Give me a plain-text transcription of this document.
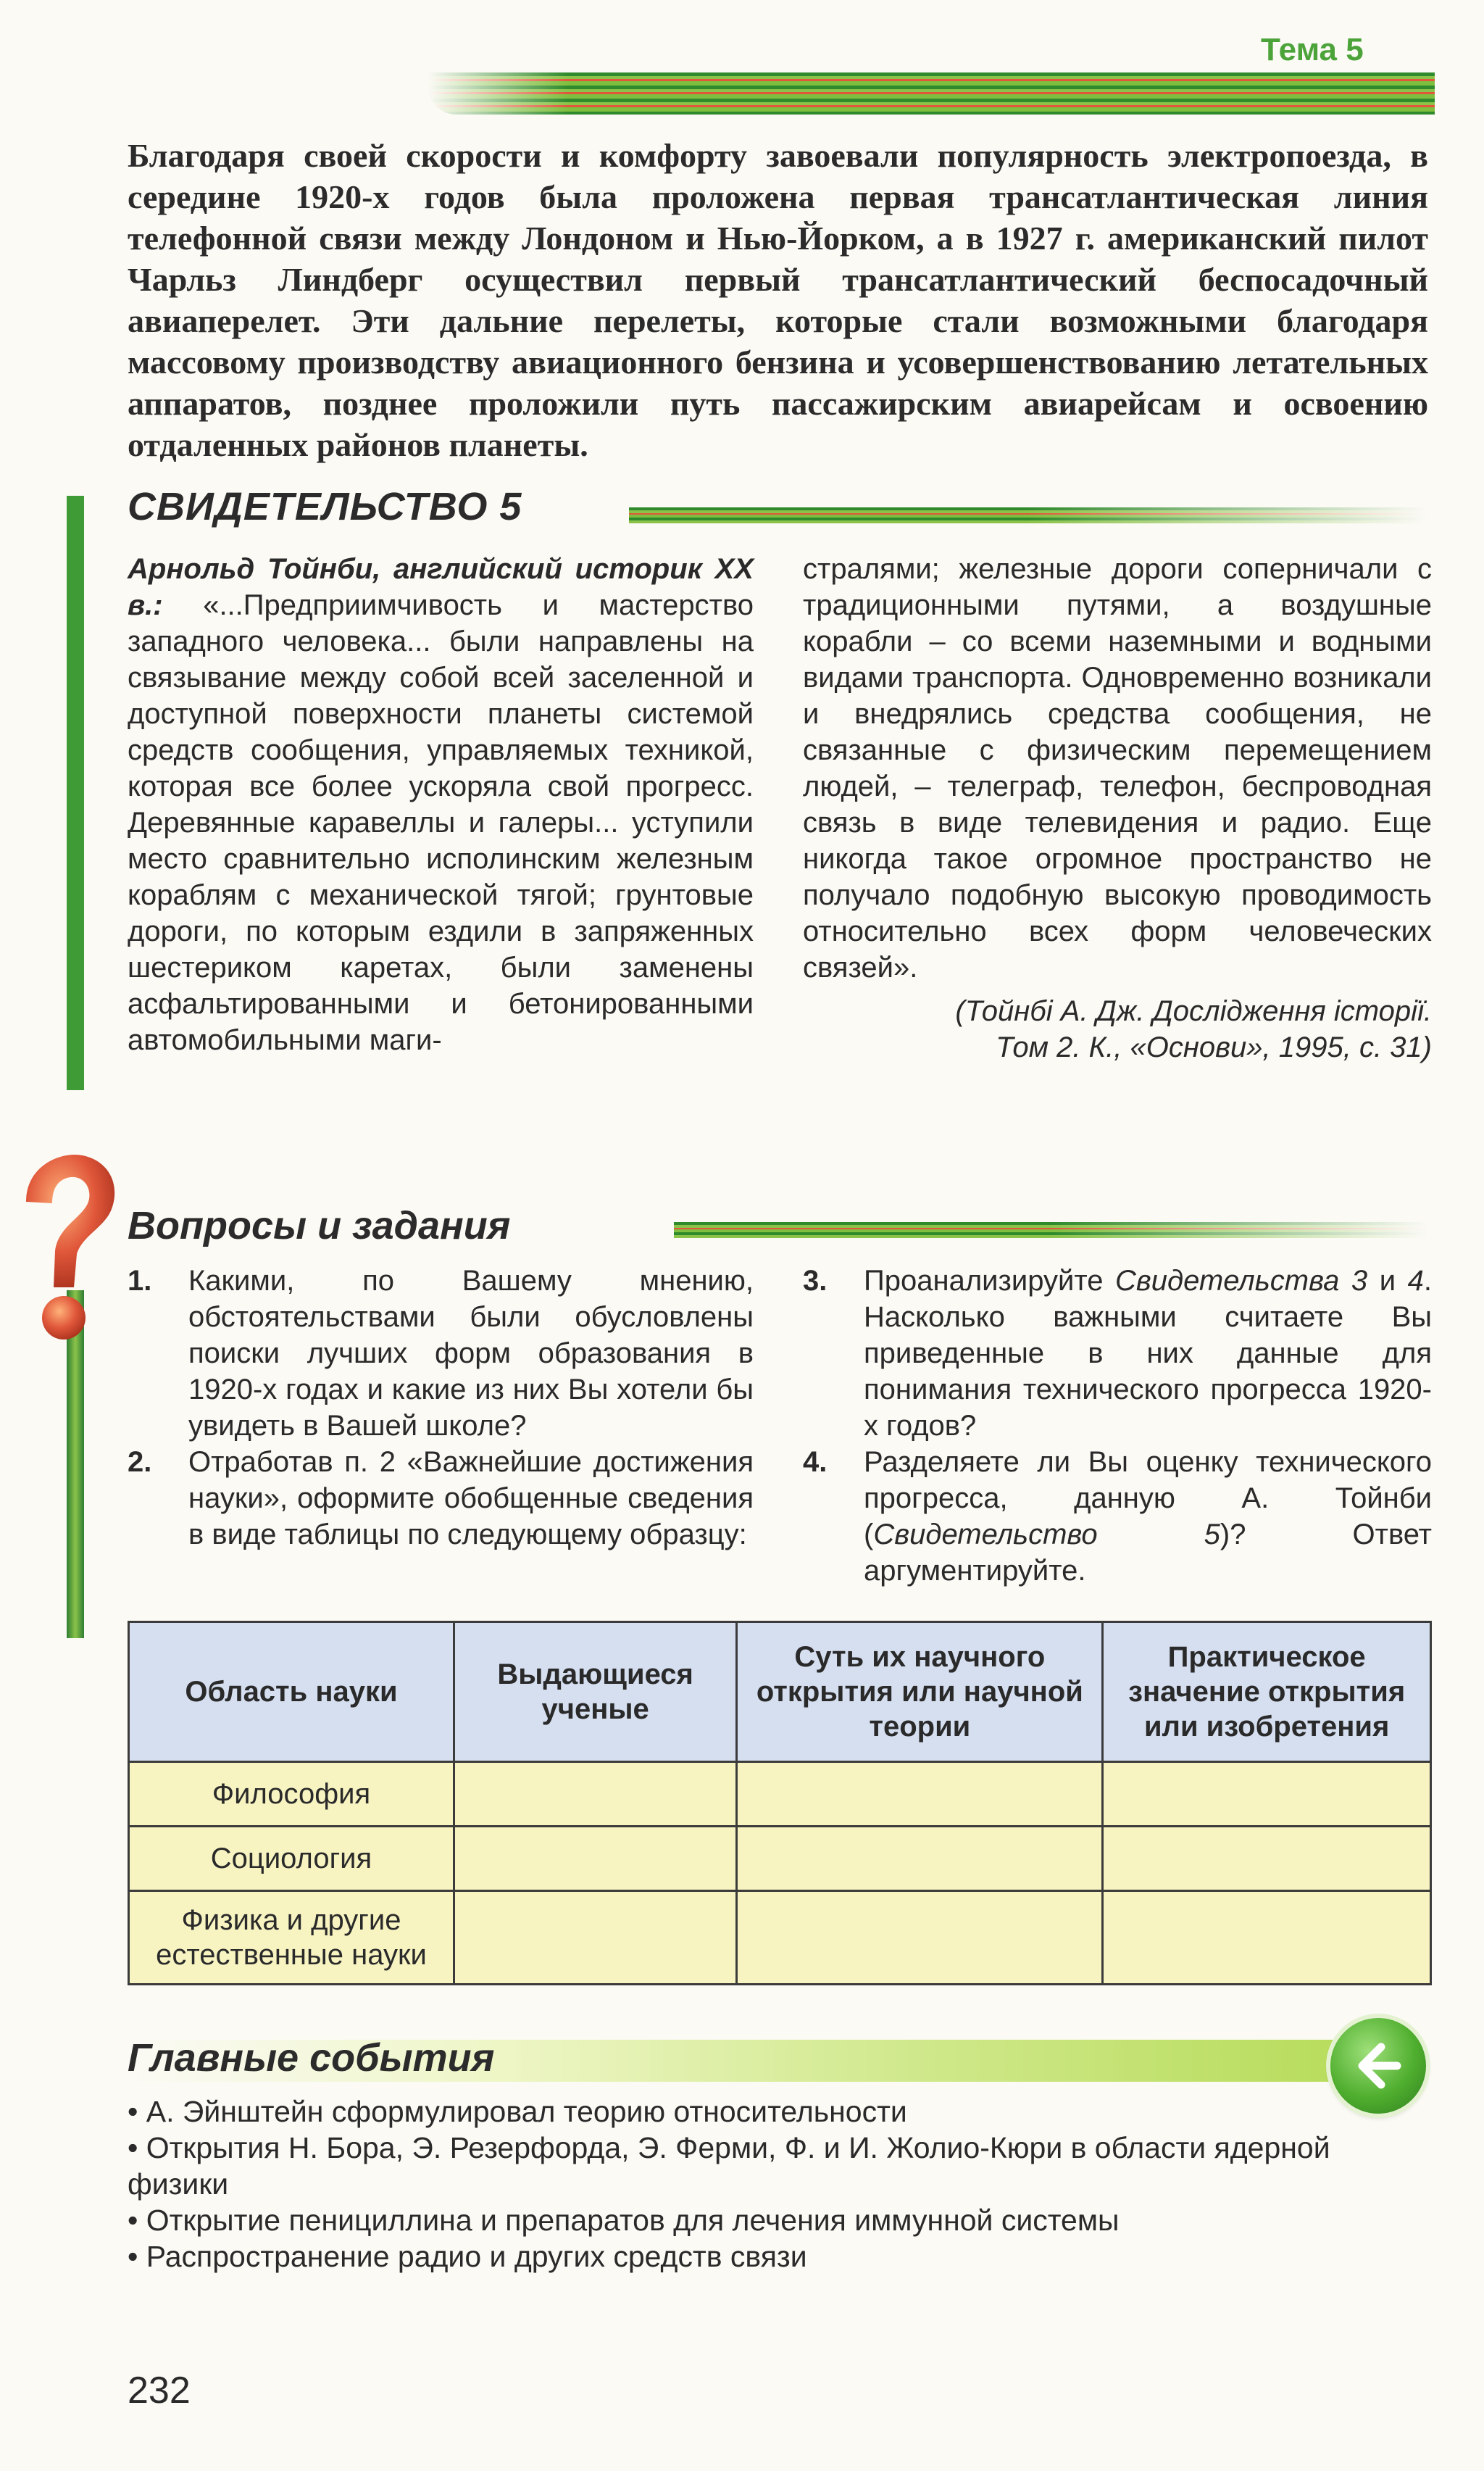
Тема 5
Благодаря своей скорости и комфорту завоевали популярность электропоезда, в середине 1920-х годов была проложена первая трансатлантическая линия телефонной связи между Лондоном и Нью-Йорком, а в 1927 г. американский пилот Чарльз Линдберг осуществил первый трансатлантический беспосадочный авиаперелет. Эти дальние перелеты, которые стали возможными благодаря массовому производству авиационного бензина и усовершенствованию летательных аппаратов, позднее проложили путь пассажирским авиарейсам и освоению отдаленных районов планеты.
СВИДЕТЕЛЬСТВО 5
Арнольд Тойнби, английский историк XX в.: «...Предприимчивость и мастерство западного человека... были направлены на связывание между собой всей заселенной и доступной поверхности планеты системой средств сообщения, управляемых техникой, которая все более ускоряла свой прогресс. Деревянные каравеллы и галеры... уступили место сравнительно исполинским железным кораблям с механической тягой; грунтовые дороги, по которым ездили в запряженных шестериком каретах, были заменены асфальтированными и бетонированными автомобильными маги-
стралями; железные дороги соперничали с традиционными путями, а воздушные корабли – со всеми наземными и водными видами транспорта. Одновременно возникали и внедрялись средства сообщения, не связанные с физическим перемещением людей, – телеграф, телефон, беспроводная связь в виде телевидения и радио. Еще никогда такое огромное пространство не получало подобную высокую проводимость относительно всех форм человеческих связей».
(Тойнбі А. Дж. Дослідження історії.
Том 2. К., «Основи», 1995, с. 31)
Вопросы и задания
1.	Какими, по Вашему мнению, обстоятельствами были обусловлены поиски лучших форм образования в 1920-х годах и какие из них Вы хотели бы увидеть в Вашей школе?
2.	Отработав п. 2 «Важнейшие достижения науки», оформите обобщенные сведения в виде таблицы по следующему образцу:
3.	Проанализируйте Свидетельства 3 и 4. Насколько важными считаете Вы приведенные в них данные для понимания технического прогресса 1920-х годов?
4.	Разделяете ли Вы оценку технического прогресса, данную А. Тойнби (Свидетельство 5)? Ответ аргументируйте.
Область науки	Выдающиеся ученые	Суть их научного открытия или научной теории	Практическое значение открытия или изобретения
Философия			
Социология			
Физика и другие естественные науки			
Главные события
• А. Эйнштейн сформулировал теорию относительности
• Открытия Н. Бора, Э. Резерфорда, Э. Ферми, Ф. и И. Жолио-Кюри в области ядерной физики
• Открытие пенициллина и препаратов для лечения иммунной системы
• Распространение радио и других средств связи
232
